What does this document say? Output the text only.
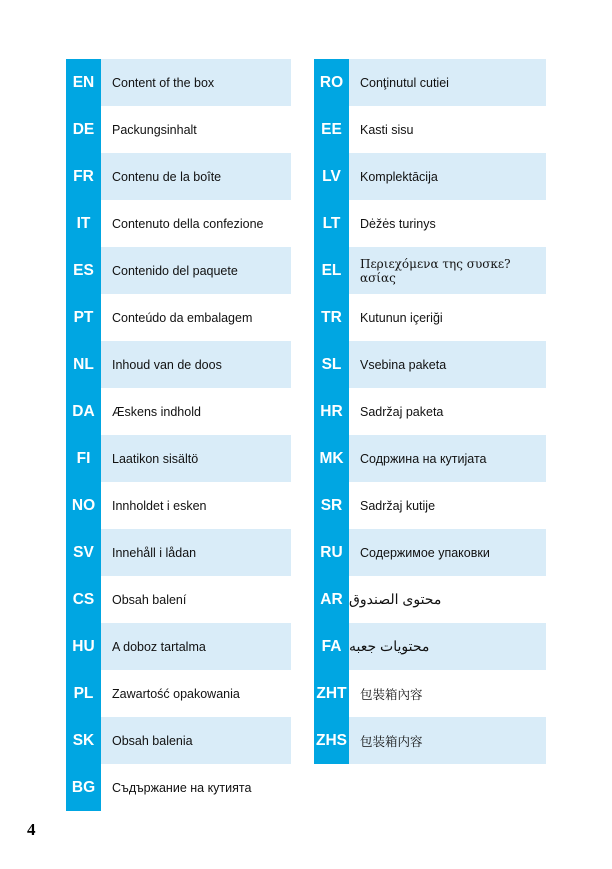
EN	Content of the box
DE	Packungsinhalt
FR	Contenu de la boîte
IT	Contenuto della confezione
ES	Contenido del paquete
PT	Conteúdo da embalagem
NL	Inhoud van de doos
DA	Æskens indhold
FI	Laatikon sisältö
NO	Innholdet i esken
SV	Innehåll i lådan
CS	Obsah balení
HU	A doboz tartalma
PL	Zawartość opakowania
SK	Obsah balenia
BG	Съдържание на кутията
RO	Conţinutul cutiei
EE	Kasti sisu
LV	Komplektācija
LT	Dėžės turinys
EL	Περιεχόμενα της συσκε?ασίας
TR	Kutunun içeriği
SL	Vsebina paketa
HR	Sadržaj paketa
MK	Содржина на кутијата
SR	Sadržaj kutije
RU	Содержимое упаковки
AR محتوى الصندوق
FA محتویات جعبه
ZHT	包裝箱內容
ZHS	包装箱内容
4
